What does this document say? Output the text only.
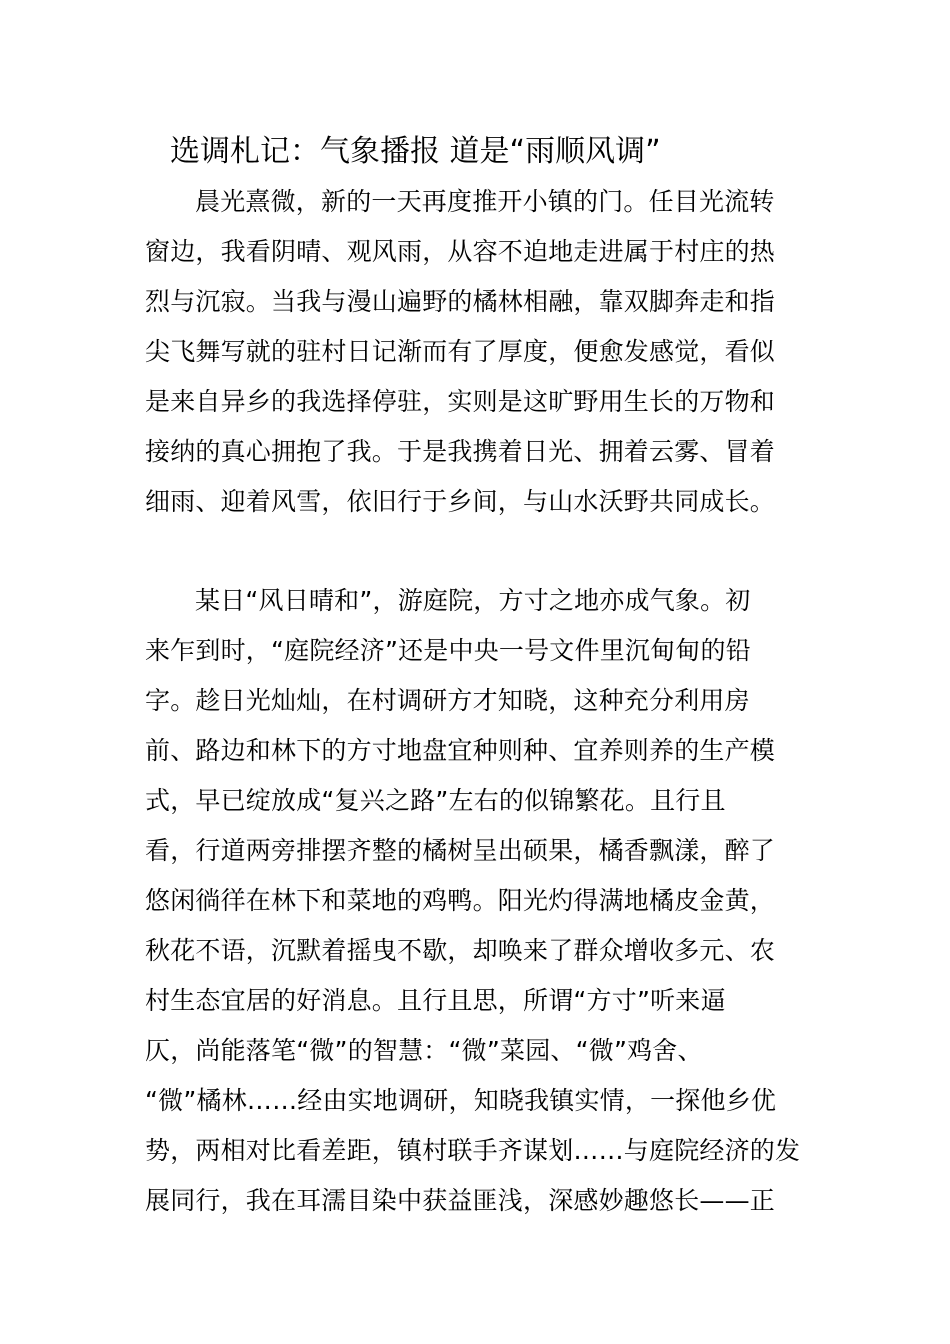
选调札记：气象播报 道是“雨顺风调”

晨光熹微，新的一天再度推开小镇的门。任目光流转

窗边，我看阴晴、观风雨，从容不迫地走进属于村庄的热

烈与沉寂。当我与漫山遍野的橘林相融，靠双脚奔走和指

尖飞舞写就的驻村日记渐而有了厚度，便愈发感觉，看似

是来自异乡的我选择停驻，实则是这旷野用生长的万物和

接纳的真心拥抱了我。于是我携着日光、拥着云雾、冒着

细雨、迎着风雪，依旧行于乡间，与山水沃野共同成长。

某日“风日晴和”，游庭院，方寸之地亦成气象。初

来乍到时，“庭院经济”还是中央一号文件里沉甸甸的铅

字。趁日光灿灿，在村调研方才知晓，这种充分利用房

前、路边和林下的方寸地盘宜种则种、宜养则养的生产模

式，早已绽放成“复兴之路”左右的似锦繁花。且行且

看，行道两旁排摆齐整的橘树呈出硕果，橘香飘漾，醉了

悠闲徜徉在林下和菜地的鸡鸭。阳光灼得满地橘皮金黄，

秋花不语，沉默着摇曳不歇，却唤来了群众增收多元、农

村生态宜居的好消息。且行且思，所谓“方寸”听来逼

仄，尚能落笔“微”的智慧：“微”菜园、“微”鸡舍、

“微”橘林……经由实地调研，知晓我镇实情，一探他乡优

势，两相对比看差距，镇村联手齐谋划……与庭院经济的发

展同行，我在耳濡目染中获益匪浅，深感妙趣悠长——正
